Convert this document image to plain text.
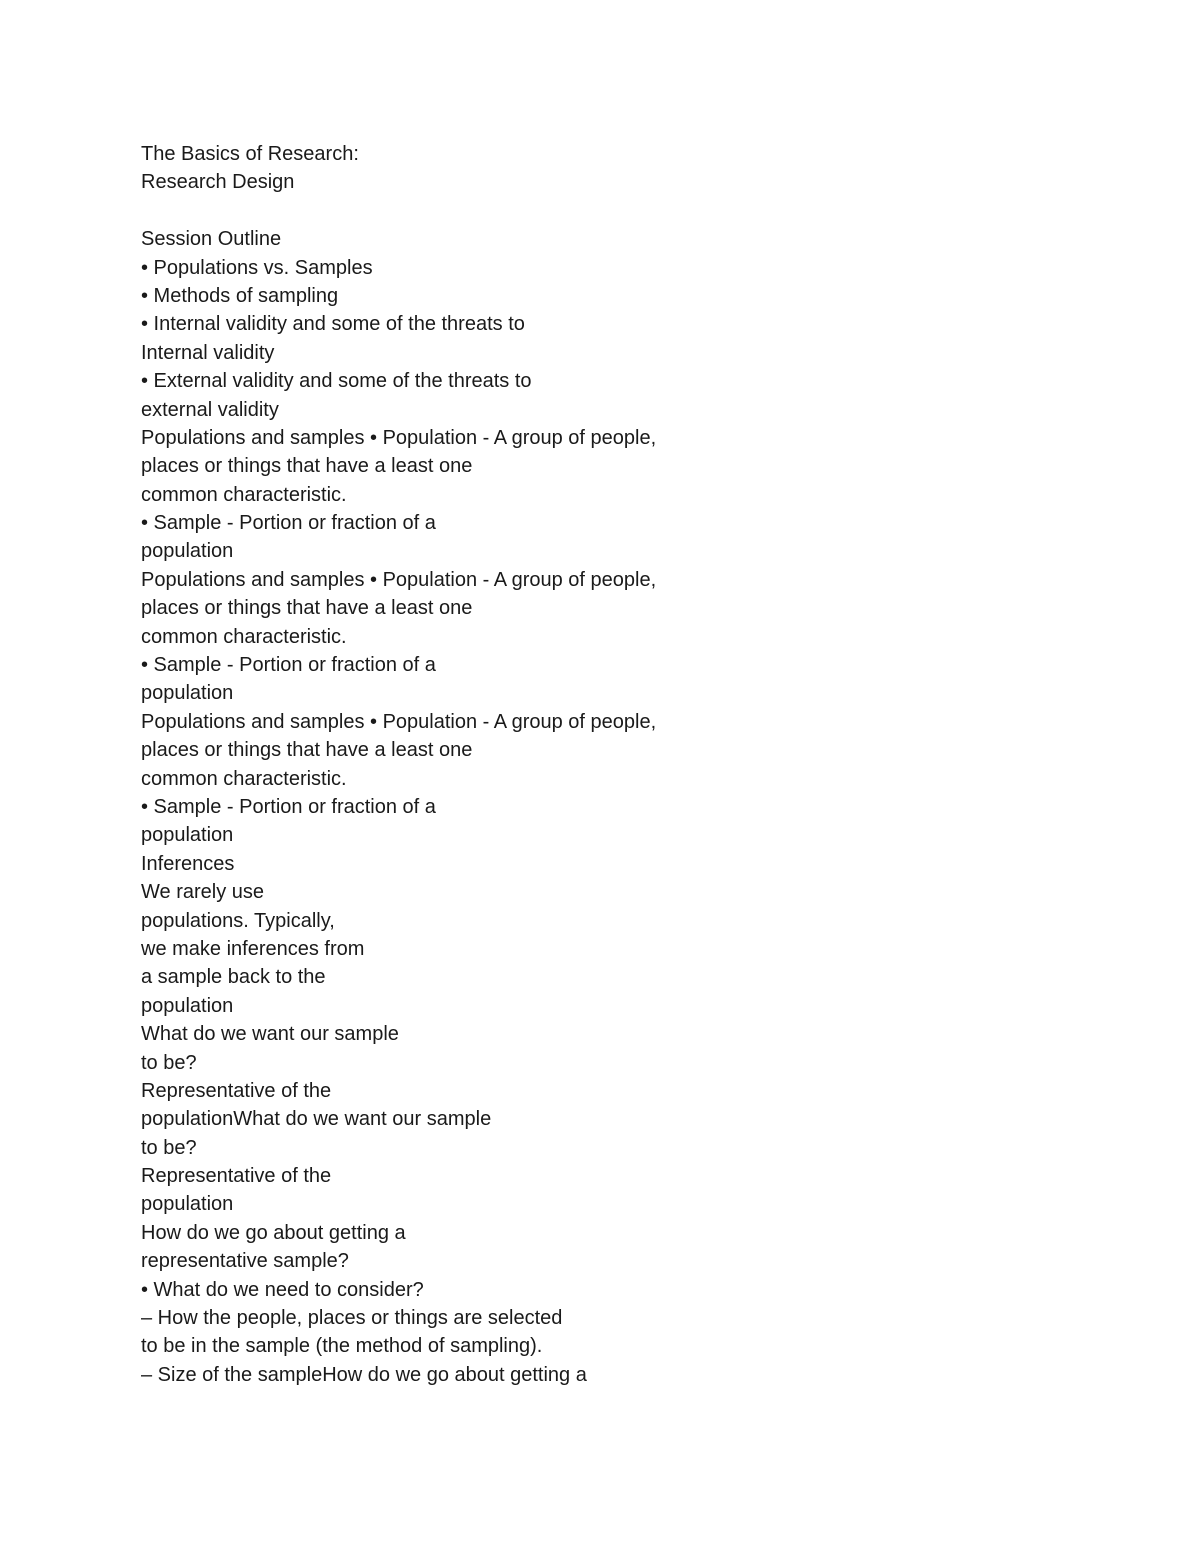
The Basics of Research:
Research Design
Session Outline
• Populations vs. Samples
• Methods of sampling
• Internal validity and some of the threats to
Internal validity
• External validity and some of the threats to
external validity
Populations and samples • Population - A group of people,
places or things that have a least one
common characteristic.
• Sample - Portion or fraction of a
population
Populations and samples • Population - A group of people,
places or things that have a least one
common characteristic.
• Sample - Portion or fraction of a
population
Populations and samples • Population - A group of people,
places or things that have a least one
common characteristic.
• Sample - Portion or fraction of a
population
Inferences
We rarely use
populations. Typically,
we make inferences from
a sample back to the
population
What do we want our sample
to be?
Representative of the
populationWhat do we want our sample
to be?
Representative of the
population
How do we go about getting a
representative sample?
• What do we need to consider?
– How the people, places or things are selected
to be in the sample (the method of sampling).
– Size of the sampleHow do we go about getting a
